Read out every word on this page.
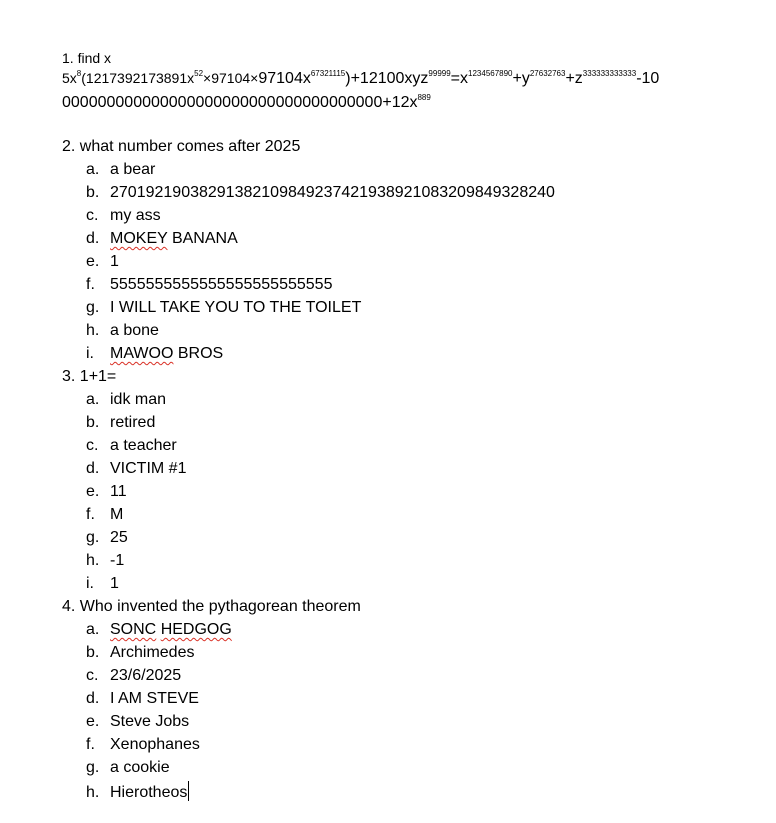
1. find x
$5x^8(1217392173891x^{52}\times 97104\times 97104x^{67321115})+12100xyz^{99999}=x^{1234567890}+y^{27632763}+z^{333333333333}-10$
$000000000000000000000000000000000000+12x^{889}$
2. what number comes after 2025
a. a bear
b. 27019219038291382109849237421938921083209849328240
c. my ass
d. MOKEY BANANA
e. 1
f. 5555555555555555555555555
g. I WILL TAKE YOU TO THE TOILET
h. a bone
i. MAWOO BROS
3. 1+1=
a. idk man
b. retired
c. a teacher
d. VICTIM #1
e. 11
f. M
g. 25
h. -1
i. 1
4. Who invented the pythagorean theorem
a. SONC HEDGOG
b. Archimedes
c. 23/6/2025
d. I AM STEVE
e. Steve Jobs
f. Xenophanes
g. a cookie
h. Hierotheos
